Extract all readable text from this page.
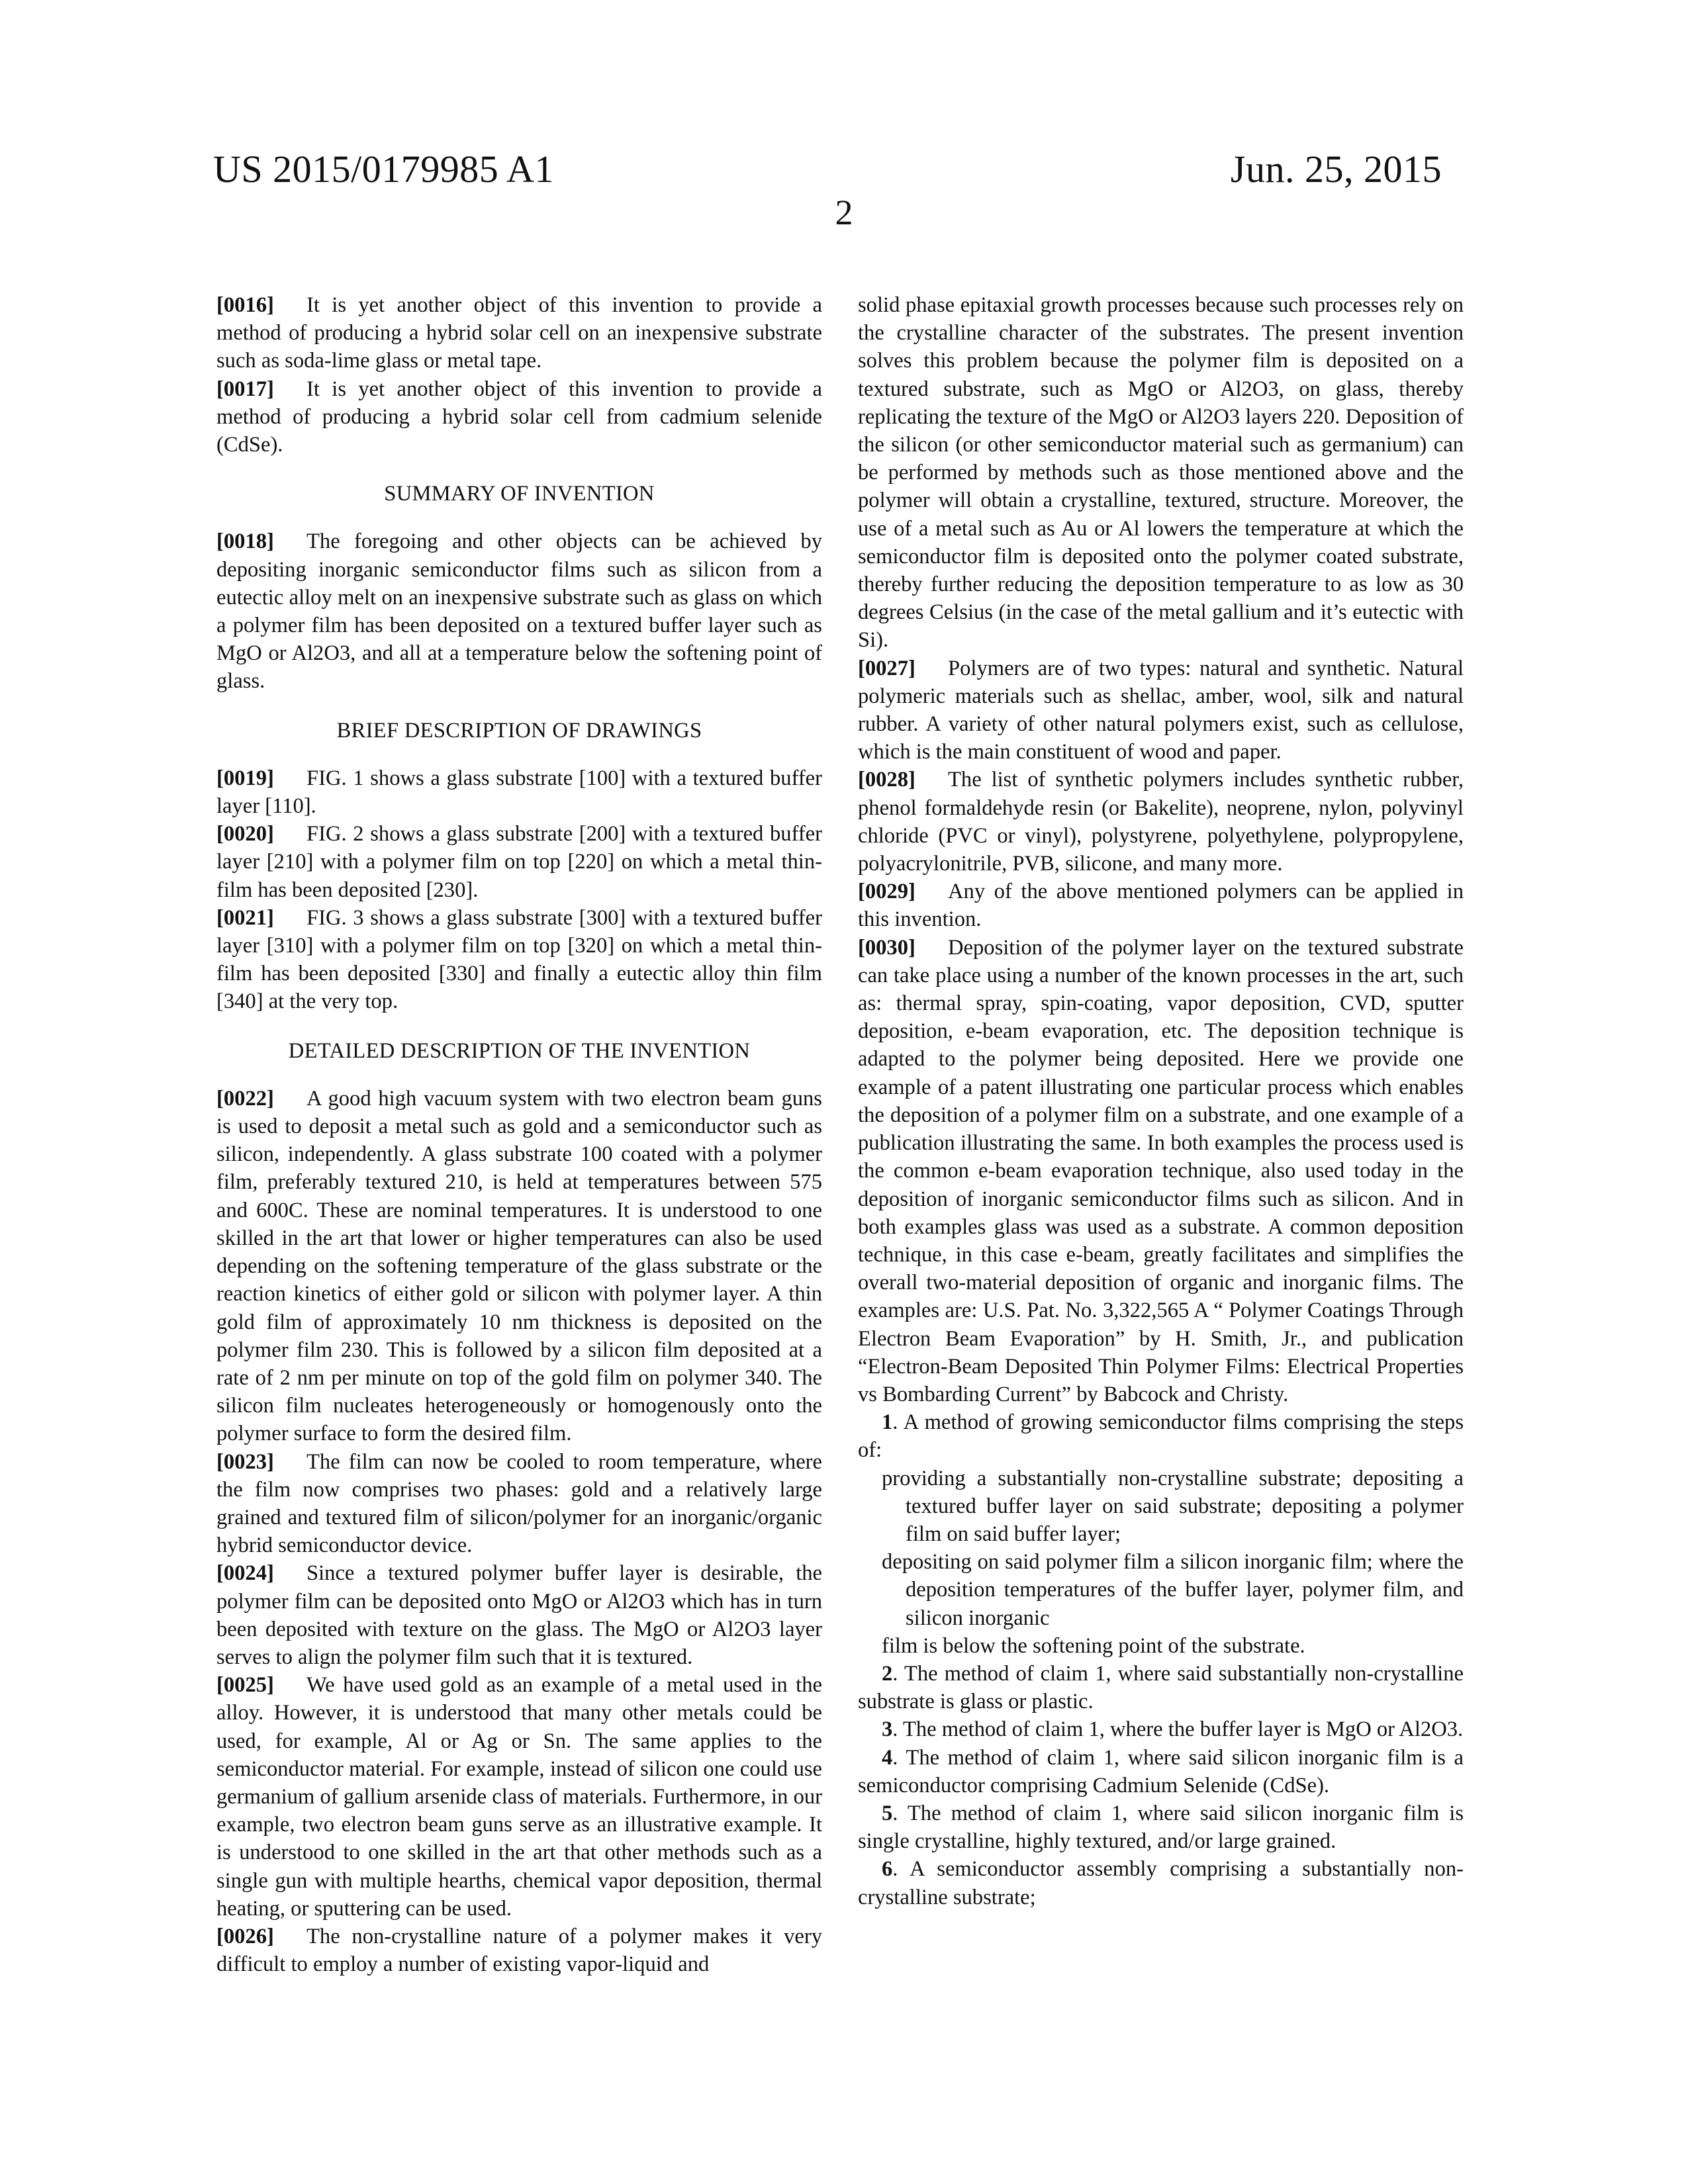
US 2015/0179985 A1	Jun. 25, 2015
2

[0016] It is yet another object of this invention to provide a method of producing a hybrid solar cell on an inexpensive substrate such as soda-lime glass or metal tape.

[0017] It is yet another object of this invention to provide a method of producing a hybrid solar cell from cadmium selenide (CdSe).

SUMMARY OF INVENTION

[0018] The foregoing and other objects can be achieved by depositing inorganic semiconductor films such as silicon from a eutectic alloy melt on an inexpensive substrate such as glass on which a polymer film has been deposited on a textured buffer layer such as MgO or Al2O3, and all at a temperature below the softening point of glass.

BRIEF DESCRIPTION OF DRAWINGS

[0019] FIG. 1 shows a glass substrate [100] with a textured buffer layer [110].

[0020] FIG. 2 shows a glass substrate [200] with a textured buffer layer [210] with a polymer film on top [220] on which a metal thin-film has been deposited [230].

[0021] FIG. 3 shows a glass substrate [300] with a textured buffer layer [310] with a polymer film on top [320] on which a metal thin-film has been deposited [330] and finally a eutectic alloy thin film [340] at the very top.

DETAILED DESCRIPTION OF THE INVENTION

[0022] A good high vacuum system with two electron beam guns is used to deposit a metal such as gold and a semiconductor such as silicon, independently. A glass substrate 100 coated with a polymer film, preferably textured 210, is held at temperatures between 575 and 600C. These are nominal temperatures. It is understood to one skilled in the art that lower or higher temperatures can also be used depending on the softening temperature of the glass substrate or the reaction kinetics of either gold or silicon with polymer layer. A thin gold film of approximately 10 nm thickness is deposited on the polymer film 230. This is followed by a silicon film deposited at a rate of 2 nm per minute on top of the gold film on polymer 340. The silicon film nucleates heterogeneously or homogenously onto the polymer surface to form the desired film.

[0023] The film can now be cooled to room temperature, where the film now comprises two phases: gold and a relatively large grained and textured film of silicon/polymer for an inorganic/organic hybrid semiconductor device.

[0024] Since a textured polymer buffer layer is desirable, the polymer film can be deposited onto MgO or Al2O3 which has in turn been deposited with texture on the glass. The MgO or Al2O3 layer serves to align the polymer film such that it is textured.

[0025] We have used gold as an example of a metal used in the alloy. However, it is understood that many other metals could be used, for example, Al or Ag or Sn. The same applies to the semiconductor material. For example, instead of silicon one could use germanium of gallium arsenide class of materials. Furthermore, in our example, two electron beam guns serve as an illustrative example. It is understood to one skilled in the art that other methods such as a single gun with multiple hearths, chemical vapor deposition, thermal heating, or sputtering can be used.

[0026] The non-crystalline nature of a polymer makes it very difficult to employ a number of existing vapor-liquid and

solid phase epitaxial growth processes because such processes rely on the crystalline character of the substrates. The present invention solves this problem because the polymer film is deposited on a textured substrate, such as MgO or Al2O3, on glass, thereby replicating the texture of the MgO or Al2O3 layers 220. Deposition of the silicon (or other semiconductor material such as germanium) can be performed by methods such as those mentioned above and the polymer will obtain a crystalline, textured, structure. Moreover, the use of a metal such as Au or Al lowers the temperature at which the semiconductor film is deposited onto the polymer coated substrate, thereby further reducing the deposition temperature to as low as 30 degrees Celsius (in the case of the metal gallium and it’s eutectic with Si).

[0027] Polymers are of two types: natural and synthetic. Natural polymeric materials such as shellac, amber, wool, silk and natural rubber. A variety of other natural polymers exist, such as cellulose, which is the main constituent of wood and paper.

[0028] The list of synthetic polymers includes synthetic rubber, phenol formaldehyde resin (or Bakelite), neoprene, nylon, polyvinyl chloride (PVC or vinyl), polystyrene, polyethylene, polypropylene, polyacrylonitrile, PVB, silicone, and many more.

[0029] Any of the above mentioned polymers can be applied in this invention.

[0030] Deposition of the polymer layer on the textured substrate can take place using a number of the known processes in the art, such as: thermal spray, spin-coating, vapor deposition, CVD, sputter deposition, e-beam evaporation, etc. The deposition technique is adapted to the polymer being deposited. Here we provide one example of a patent illustrating one particular process which enables the deposition of a polymer film on a substrate, and one example of a publication illustrating the same. In both examples the process used is the common e-beam evaporation technique, also used today in the deposition of inorganic semiconductor films such as silicon. And in both examples glass was used as a substrate. A common deposition technique, in this case e-beam, greatly facilitates and simplifies the overall two-material deposition of organic and inorganic films. The examples are: U.S. Pat. No. 3,322,565 A “ Polymer Coatings Through Electron Beam Evaporation” by H. Smith, Jr., and publication “Electron-Beam Deposited Thin Polymer Films: Electrical Properties vs Bombarding Current” by Babcock and Christy.

1. A method of growing semiconductor films comprising the steps of:

providing a substantially non-crystalline substrate; depositing a textured buffer layer on said substrate; depositing a polymer film on said buffer layer;

depositing on said polymer film a silicon inorganic film; where the deposition temperatures of the buffer layer, polymer film, and silicon inorganic

film is below the softening point of the substrate.

2. The method of claim 1, where said substantially non-crystalline substrate is glass or plastic.

3. The method of claim 1, where the buffer layer is MgO or Al2O3.

4. The method of claim 1, where said silicon inorganic film is a semiconductor comprising Cadmium Selenide (CdSe).

5. The method of claim 1, where said silicon inorganic film is single crystalline, highly textured, and/or large grained.

6. A semiconductor assembly comprising a substantially non-crystalline substrate;
